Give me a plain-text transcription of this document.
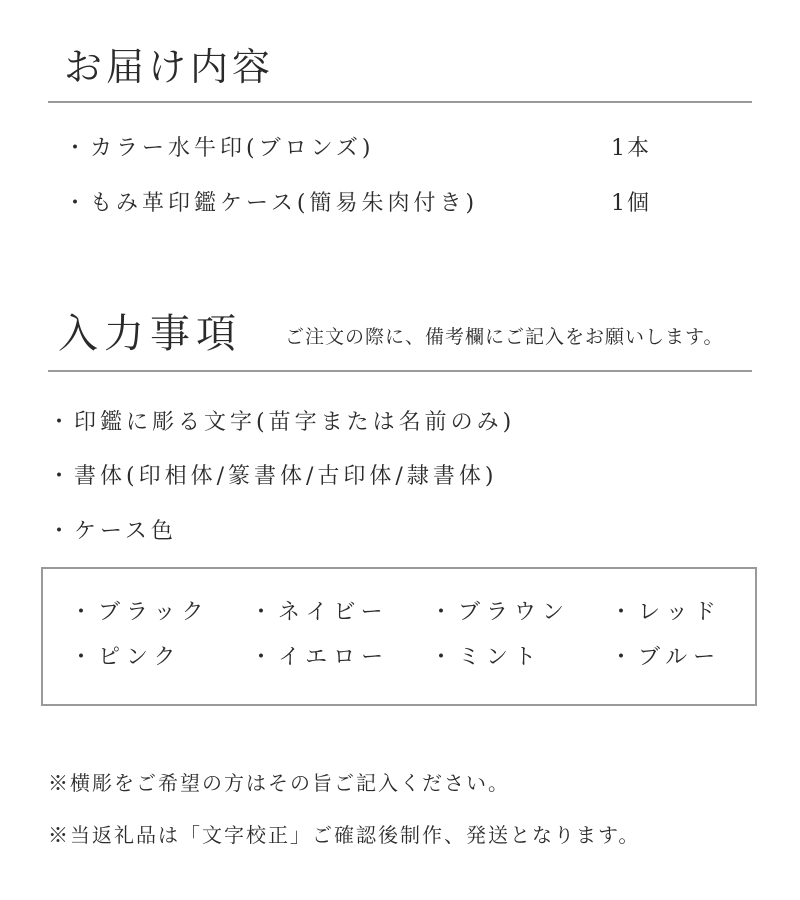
お届け内容
・カラー水牛印(ブロンズ)	1本
・もみ革印鑑ケース(簡易朱肉付き)	1個
入力事項 ご注文の際に、備考欄にご記入をお願いします。
・印鑑に彫る文字(苗字または名前のみ)
・書体(印相体/篆書体/古印体/隷書体)
・ケース色
・ブラック ・ネイビー ・ブラウン ・レッド
・ピンク	・イエロー ・ミント	・ブルー
※横彫をご希望の方はその旨ご記入ください。
※当返礼品は「文字校正」ご確認後制作、発送となります。
